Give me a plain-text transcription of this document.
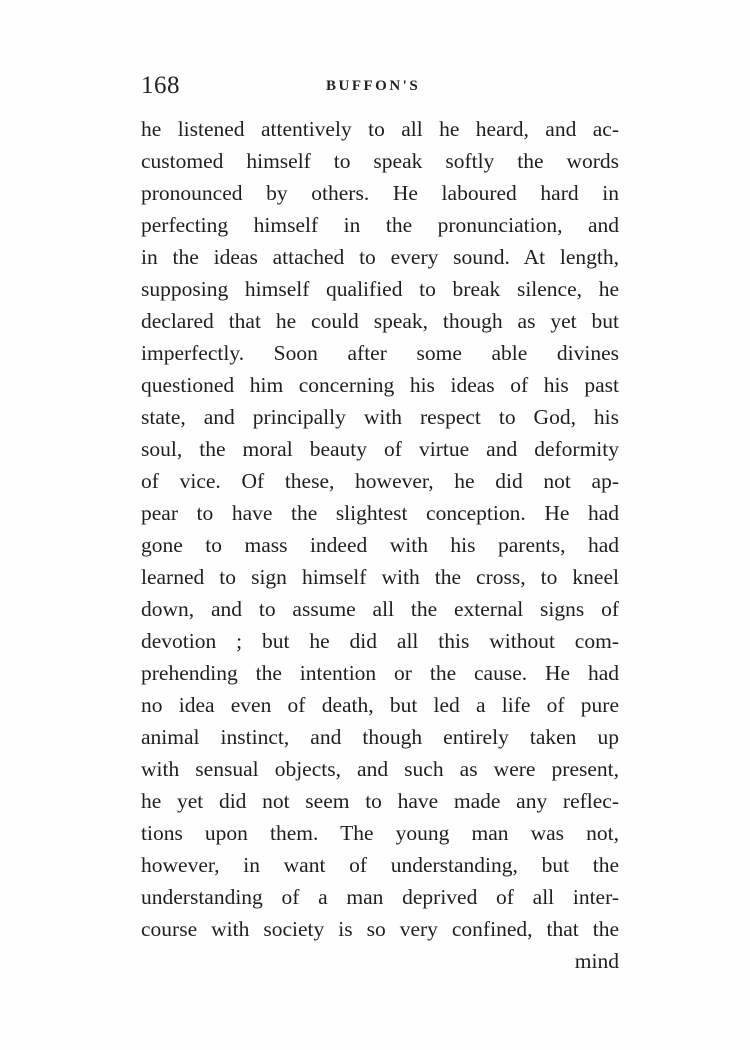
168	BUFFON'S
he listened attentively to all he heard, and ac-
customed himself to speak softly the words
pronounced by others. He laboured hard in
perfecting himself in the pronunciation, and
in the ideas attached to every sound. At length,
supposing himself qualified to break silence, he
declared that he could speak, though as yet but
imperfectly. Soon after some able divines
questioned him concerning his ideas of his past
state, and principally with respect to God, his
soul, the moral beauty of virtue and deformity
of vice. Of these, however, he did not ap-
pear to have the slightest conception. He had
gone to mass indeed with his parents, had
learned to sign himself with the cross, to kneel
down, and to assume all the external signs of
devotion ; but he did all this without com-
prehending the intention or the cause. He had
no idea even of death, but led a life of pure
animal instinct, and though entirely taken up
with sensual objects, and such as were present,
he yet did not seem to have made any reflec-
tions upon them. The young man was not,
however, in want of understanding, but the
understanding of a man deprived of all inter-
course with society is so very confined, that the
mind
